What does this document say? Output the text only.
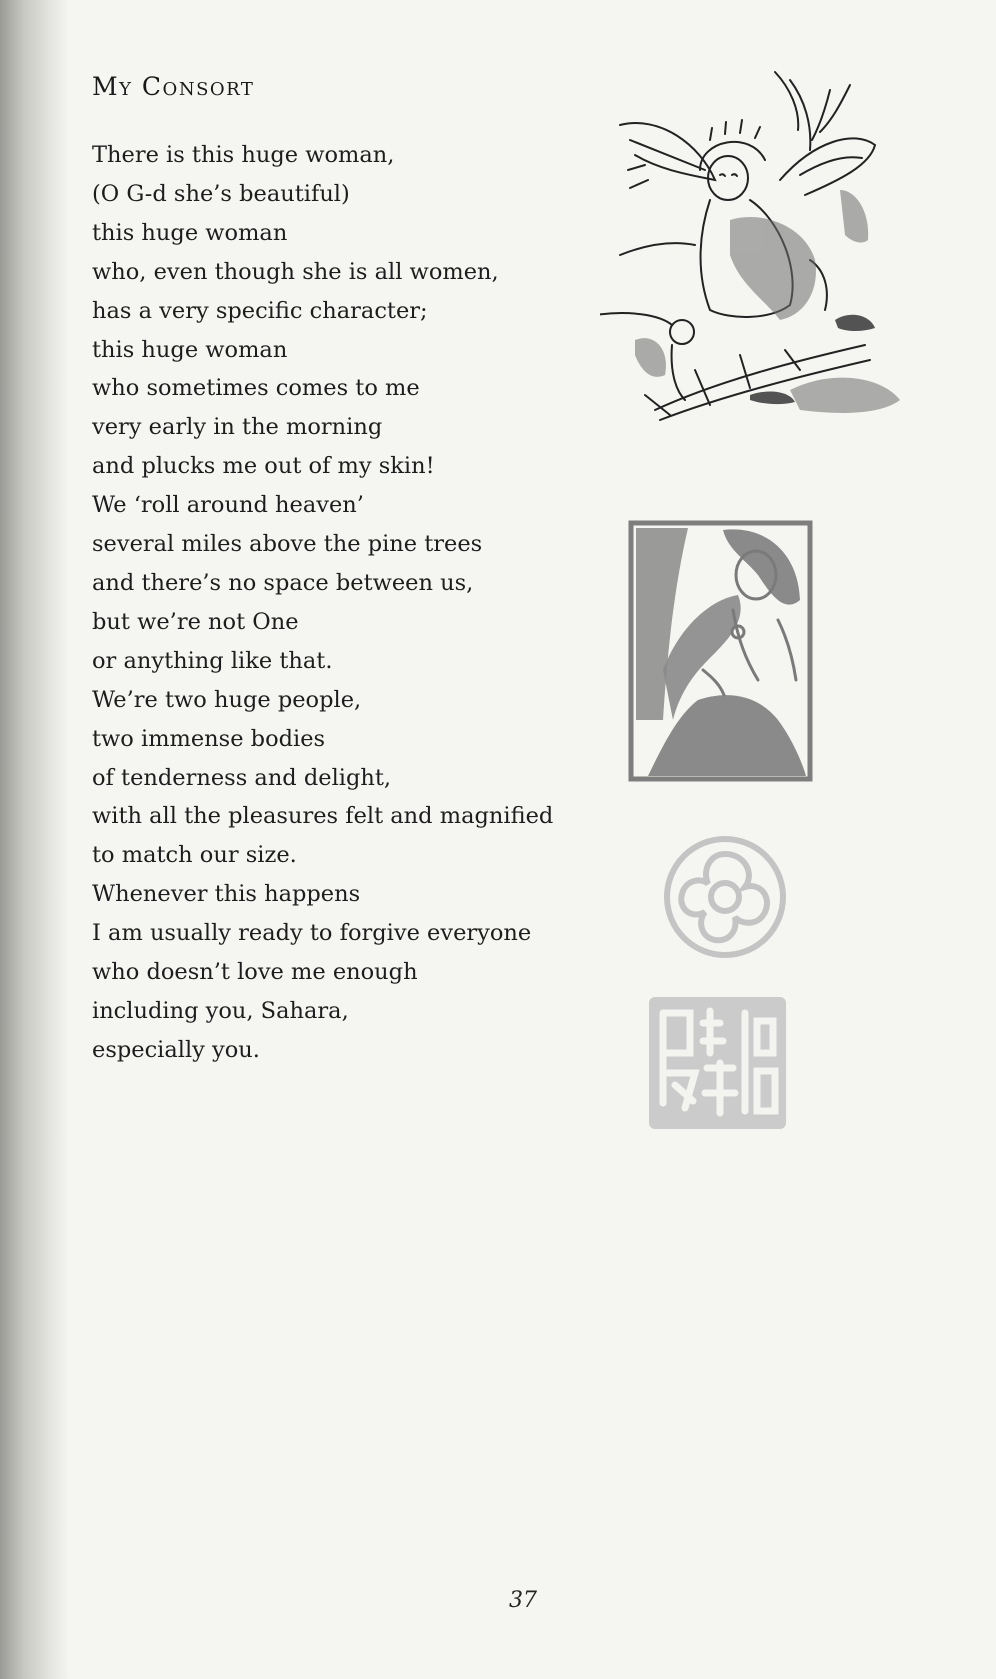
My Consort
There is this huge woman,
(O G-d she’s beautiful)
this huge woman
who, even though she is all women,
has a very specific character;
this huge woman
who sometimes comes to me
very early in the morning
and plucks me out of my skin!
We ‘roll around heaven’
several miles above the pine trees
and there’s no space between us,
but we’re not One
or anything like that.
We’re two huge people,
two immense bodies
of tenderness and delight,
with all the pleasures felt and magnified
to match our size.
Whenever this happens
I am usually ready to forgive everyone
who doesn’t love me enough
including you, Sahara,
especially you.
37
